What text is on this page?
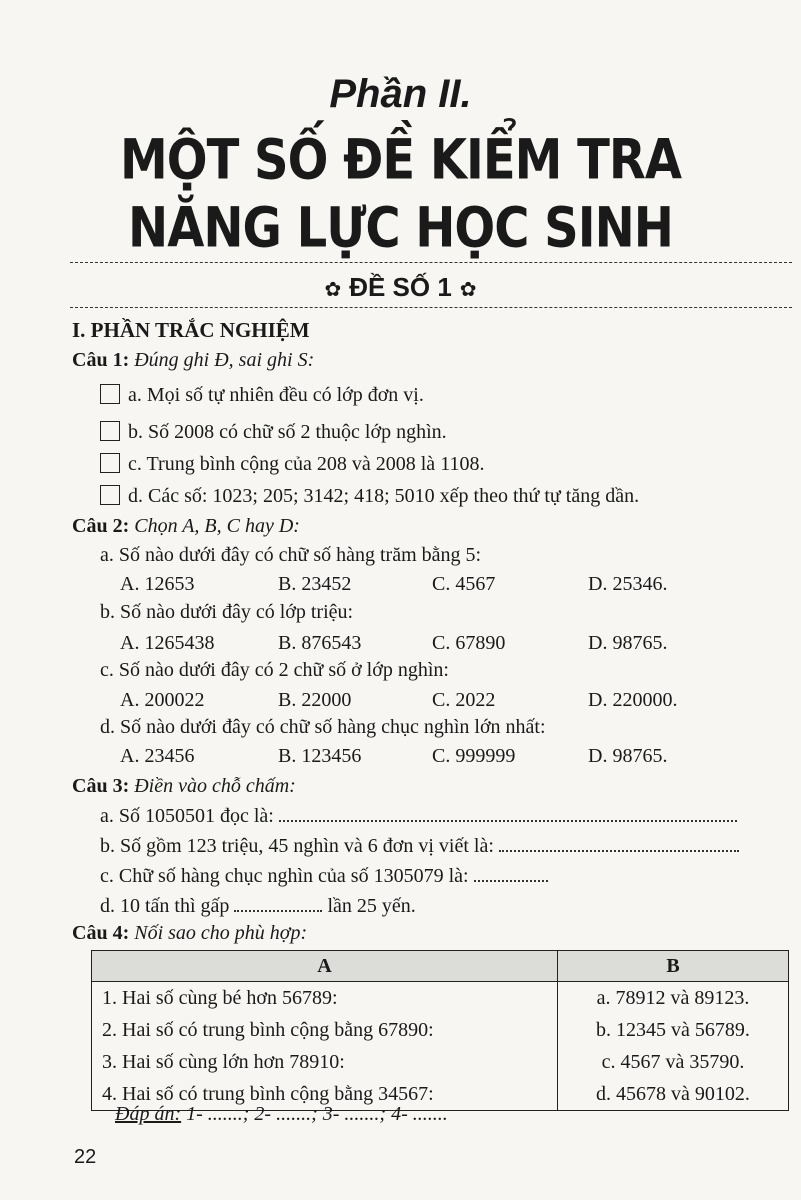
Phần II.
MỘT SỐ ĐỀ KIỂM TRA
NĂNG LỰC HỌC SINH
✿ ĐỀ SỐ 1 ✿
I. PHẦN TRẮC NGHIỆM
Câu 1: Đúng ghi Đ, sai ghi S:
a. Mọi số tự nhiên đều có lớp đơn vị.
b. Số 2008 có chữ số 2 thuộc lớp nghìn.
c. Trung bình cộng của 208 và 2008 là 1108.
d. Các số: 1023; 205; 3142; 418; 5010 xếp theo thứ tự tăng dần.
Câu 2: Chọn A, B, C hay D:
a. Số nào dưới đây có chữ số hàng trăm bằng 5:
A. 12653	B. 23452	C. 4567	D. 25346.
b. Số nào dưới đây có lớp triệu:
A. 1265438	B. 876543	C. 67890	D. 98765.
c. Số nào dưới đây có 2 chữ số ở lớp nghìn:
A. 200022	B. 22000	C. 2022	D. 220000.
d. Số nào dưới đây có chữ số hàng chục nghìn lớn nhất:
A. 23456	B. 123456	C. 999999	D. 98765.
Câu 3: Điền vào chỗ chấm:
a. Số 1050501 đọc là:
b. Số gồm 123 triệu, 45 nghìn và 6 đơn vị viết là:
c. Chữ số hàng chục nghìn của số 1305079 là:
d. 10 tấn thì gấp	lần 25 yến.
Câu 4: Nối sao cho phù hợp:
A	B
1. Hai số cùng bé hơn 56789:	a. 78912 và 89123.
2. Hai số có trung bình cộng bằng 67890:	b. 12345 và 56789.
3. Hai số cùng lớn hơn 78910:	c. 4567 và 35790.
4. Hai số có trung bình cộng bằng 34567:	d. 45678 và 90102.
Đáp án: 1- .......; 2- .......; 3- .......; 4- .......
22
